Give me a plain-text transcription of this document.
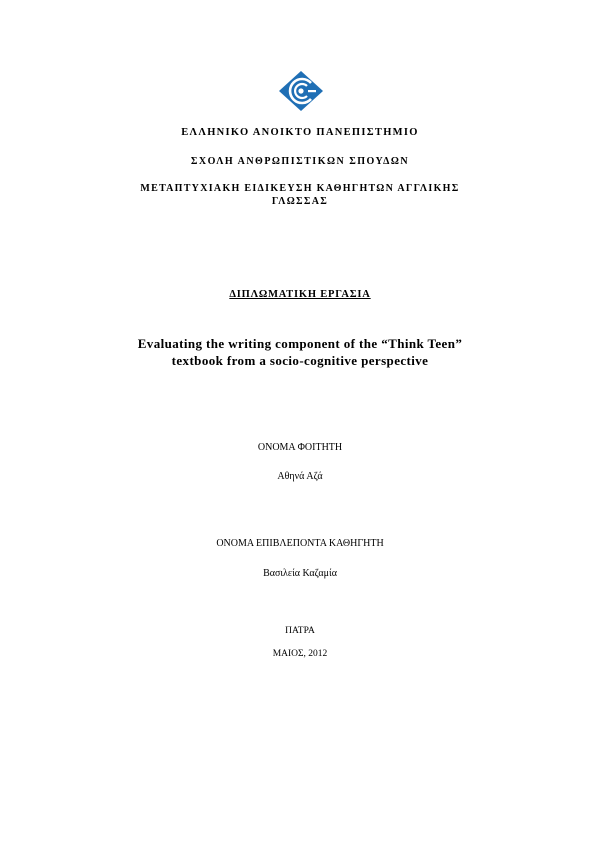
ΕΛΛΗΝΙΚΟ ΑΝΟΙΚΤΟ ΠΑΝΕΠΙΣΤΗΜΙΟ
ΣΧΟΛΗ ΑΝΘΡΩΠΙΣΤΙΚΩΝ ΣΠΟΥΔΩΝ
ΜΕΤΑΠΤΥΧΙΑΚΗ ΕΙΔΙΚΕΥΣΗ ΚΑΘΗΓΗΤΩΝ ΑΓΓΛΙΚΗΣ
ΓΛΩΣΣΑΣ
ΔΙΠΛΩΜΑΤΙΚΗ ΕΡΓΑΣΙΑ
Evaluating the writing component of the “Think Teen”
textbook from a socio-cognitive perspective
ΟΝΟΜΑ ΦΟΙΤΗΤΗ
Αθηνά Αζά
ΟΝΟΜΑ ΕΠΙΒΛΕΠΟΝΤΑ ΚΑΘΗΓΗΤΗ
Βασιλεία Καζαμία
ΠΑΤΡΑ
ΜΑΙΟΣ, 2012
